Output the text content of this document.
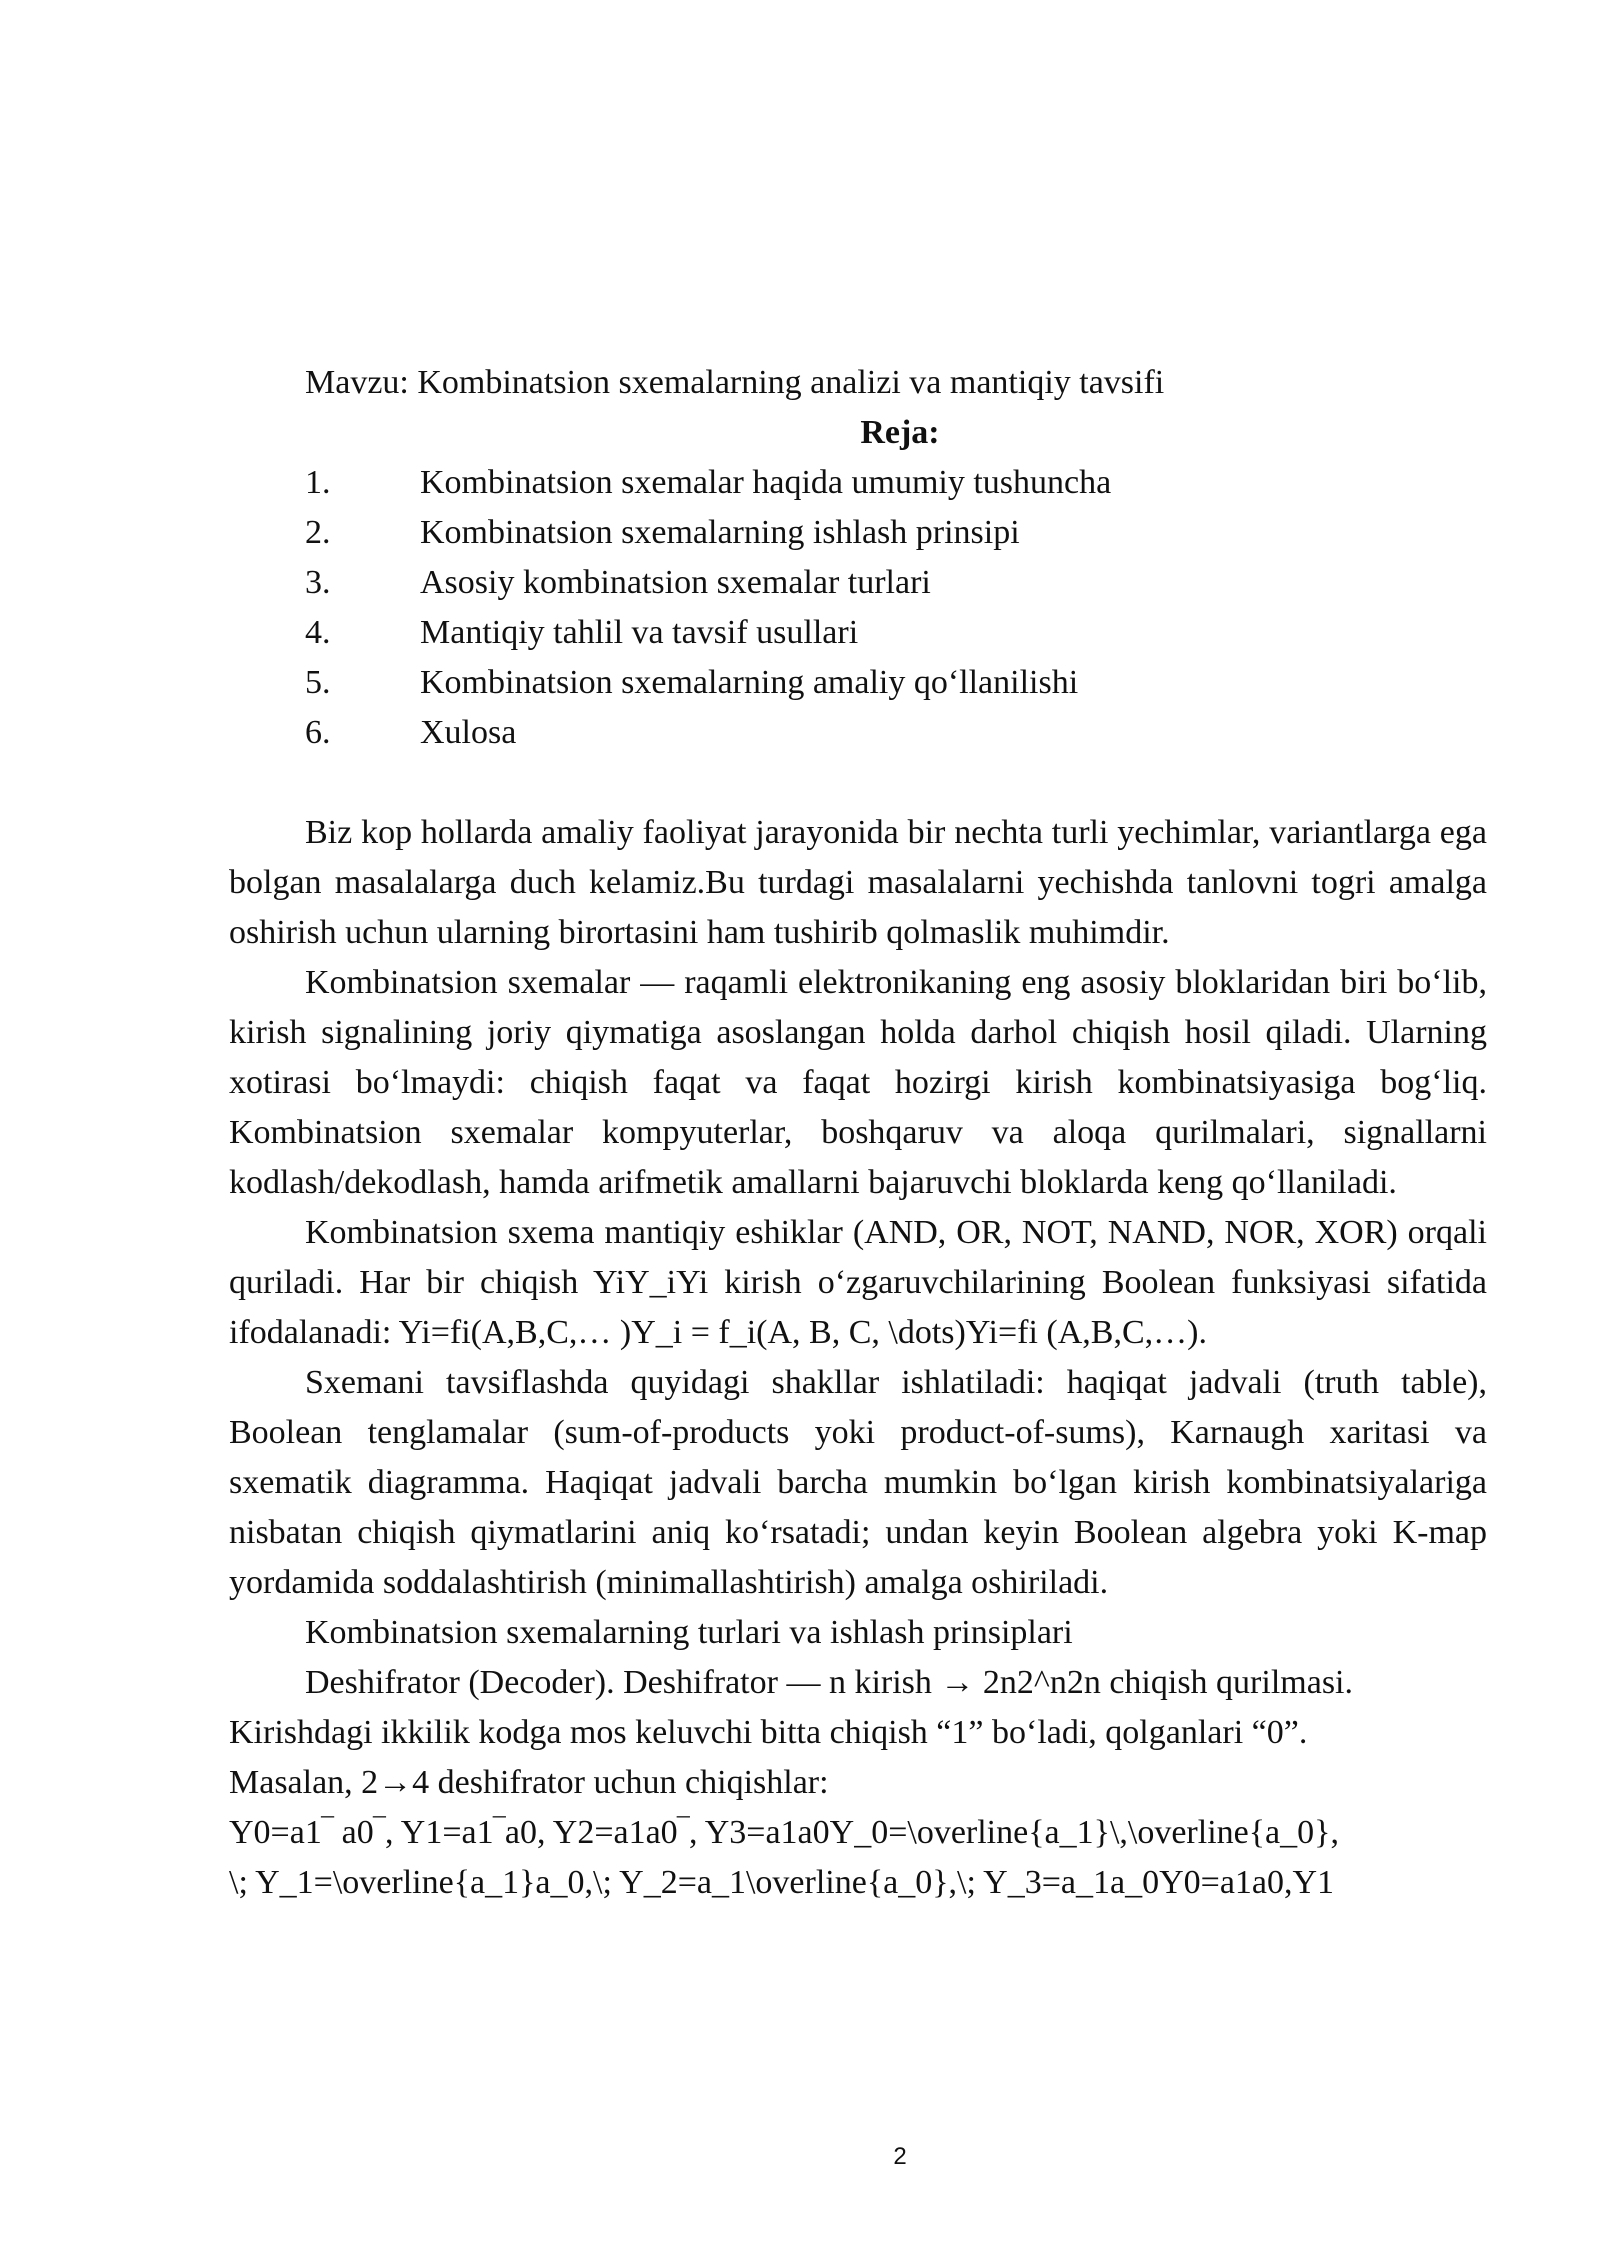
Mavzu: Kombinatsion sxemalarning analizi va mantiqiy tavsifi
Reja:
1.	Kombinatsion sxemalar haqida umumiy tushuncha
2.	Kombinatsion sxemalarning ishlash prinsipi
3.	Asosiy kombinatsion sxemalar turlari
4.	Mantiqiy tahlil va tavsif usullari
5.	Kombinatsion sxemalarning amaliy qo‘llanilishi
6.	Xulosa

Biz kop hollarda amaliy faoliyat jarayonida bir nechta turli yechimlar, variantlarga ega bolgan masalalarga duch kelamiz.Bu turdagi masalalarni yechishda tanlovni togri amalga oshirish uchun ularning birortasini ham tushirib qolmaslik muhimdir.

Kombinatsion sxemalar — raqamli elektronikaning eng asosiy bloklaridan biri bo‘lib, kirish signalining joriy qiymatiga asoslangan holda darhol chiqish hosil qiladi. Ularning xotirasi bo‘lmaydi: chiqish faqat va faqat hozirgi kirish kombinatsiyasiga bog‘liq. Kombinatsion sxemalar kompyuterlar, boshqaruv va aloqa qurilmalari, signallarni kodlash/dekodlash, hamda arifmetik amallarni bajaruvchi bloklarda keng qo‘llaniladi.

Kombinatsion sxema mantiqiy eshiklar (AND, OR, NOT, NAND, NOR, XOR) orqali quriladi. Har bir chiqish YiY_iYi kirish o‘zgaruvchilarining Boolean funksiyasi sifatida ifodalanadi: Yi=fi(A,B,C,… )Y_i = f_i(A, B, C, \dots)Yi=fi (A,B,C,…).

Sxemani tavsiflashda quyidagi shakllar ishlatiladi: haqiqat jadvali (truth table), Boolean tenglamalar (sum-of-products yoki product-of-sums), Karnaugh xaritasi va sxematik diagramma. Haqiqat jadvali barcha mumkin bo‘lgan kirish kombinatsiyalariga nisbatan chiqish qiymatlarini aniq ko‘rsatadi; undan keyin Boolean algebra yoki K-map yordamida soddalashtirish (minimallashtirish) amalga oshiriladi.

Kombinatsion sxemalarning turlari va ishlash prinsiplari

Deshifrator (Decoder). Deshifrator — n kirish → 2n2^n2n chiqish qurilmasi.

Kirishdagi ikkilik kodga mos keluvchi bitta chiqish “1” bo‘ladi, qolganlari “0”.

Masalan, 2→4 deshifrator uchun chiqishlar:

Y0=a1‾ a0‾, Y1=a1‾a0, Y2=a1a0‾, Y3=a1a0Y_0=\overline{a_1}\,\overline{a_0},

\; Y_1=\overline{a_1}a_0,\; Y_2=a_1\overline{a_0},\; Y_3=a_1a_0Y0=a1a0,Y1

2
